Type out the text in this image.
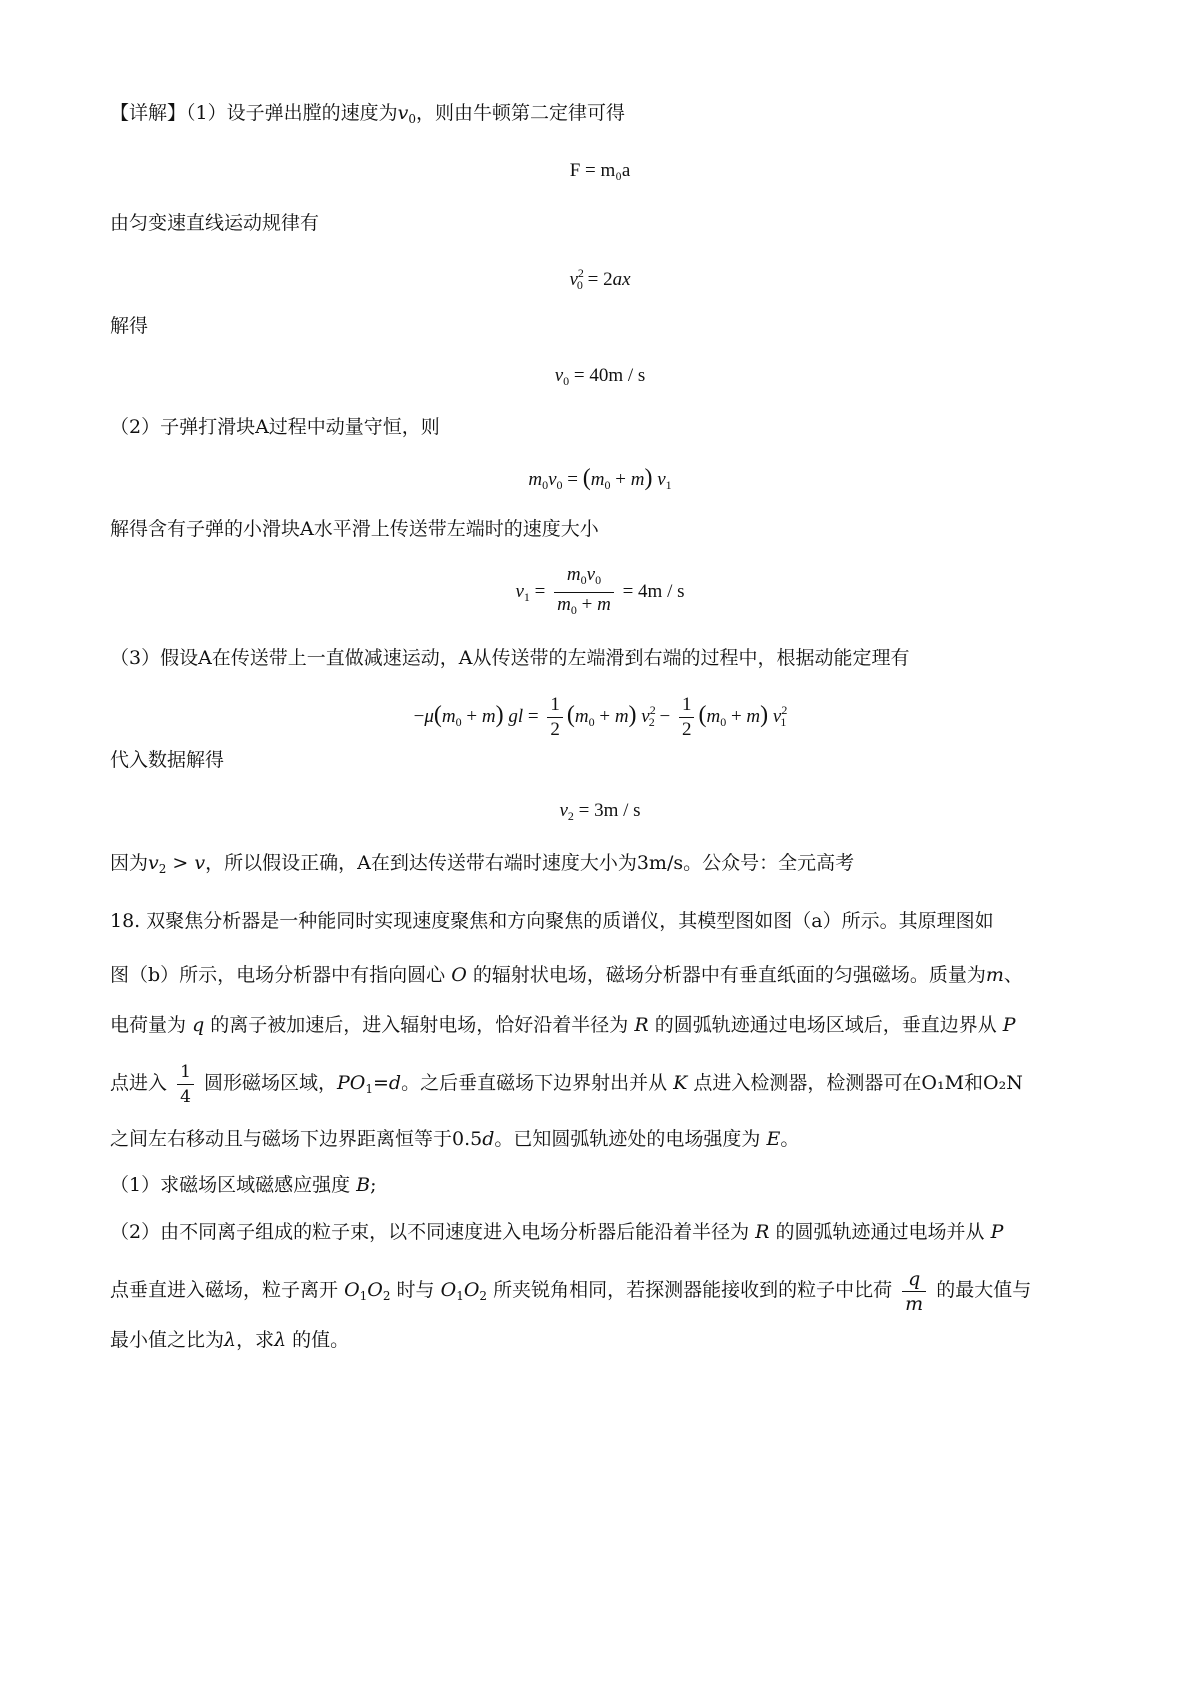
【详解】（1）设子弹出膛的速度为$v_0$，则由牛顿第二定律可得
F = m₀a
由匀变速直线运动规律有
$v^2_0 = 2ax$
解得
$v_0 = 40m / s$
（2）子弹打滑块A过程中动量守恒，则
$m_0v_0 = (m_0 + m)$ $v_1$
解得含有子弹的小滑块A水平滑上传送带左端时的速度大小
$v_1 = \frac{m_0v_0}{m_0 + m} = 4m / s$
（3）假设A在传送带上一直做减速运动，A从传送带的左端滑到右端的过程中，根据动能定理有
$-\mu(m_0 + m)$ gl = $\frac{1}{2} (m_0 + m) v^2_2 - \frac{1}{2} (m_0 + m)$ $v^2_1$
代入数据解得
$v_2 = 3m / s$
因为$v_2 > v$，所以假设正确，A在到达传送带右端时速度大小为3m/s。公众号：全元高考
18. 双聚焦分析器是一种能同时实现速度聚焦和方向聚焦的质谱仪，其模型图如图（a）所示。其原理图如
图（b）所示，电场分析器中有指向圆心 O 的辐射状电场，磁场分析器中有垂直纸面的匀强磁场。质量为m、
电荷量为 q 的离子被加速后，进入辐射电场，恰好沿着半径为 R 的圆弧轨迹通过电场区域后，垂直边界从 P
点进入 $\frac{1}{4}$ 圆形磁场区域，$PO_1=d$。之后垂直磁场下边界射出并从 K 点进入检测器，检测器可在O₁M和O₂N
之间左右移动且与磁场下边界距离恒等于0.5d。已知圆弧轨迹处的电场强度为 E。
（1）求磁场区域磁感应强度 B;
（2）由不同离子组成的粒子束，以不同速度进入电场分析器后能沿着半径为 R 的圆弧轨迹通过电场并从 P
点垂直进入磁场，粒子离开 $O_1O_2$ 时与 $O_1O_2$ 所夹锐角相同，若探测器能接收到的粒子中比荷 $\frac{q}{m}$ 的最大值与
最小值之比为λ，求λ 的值。
